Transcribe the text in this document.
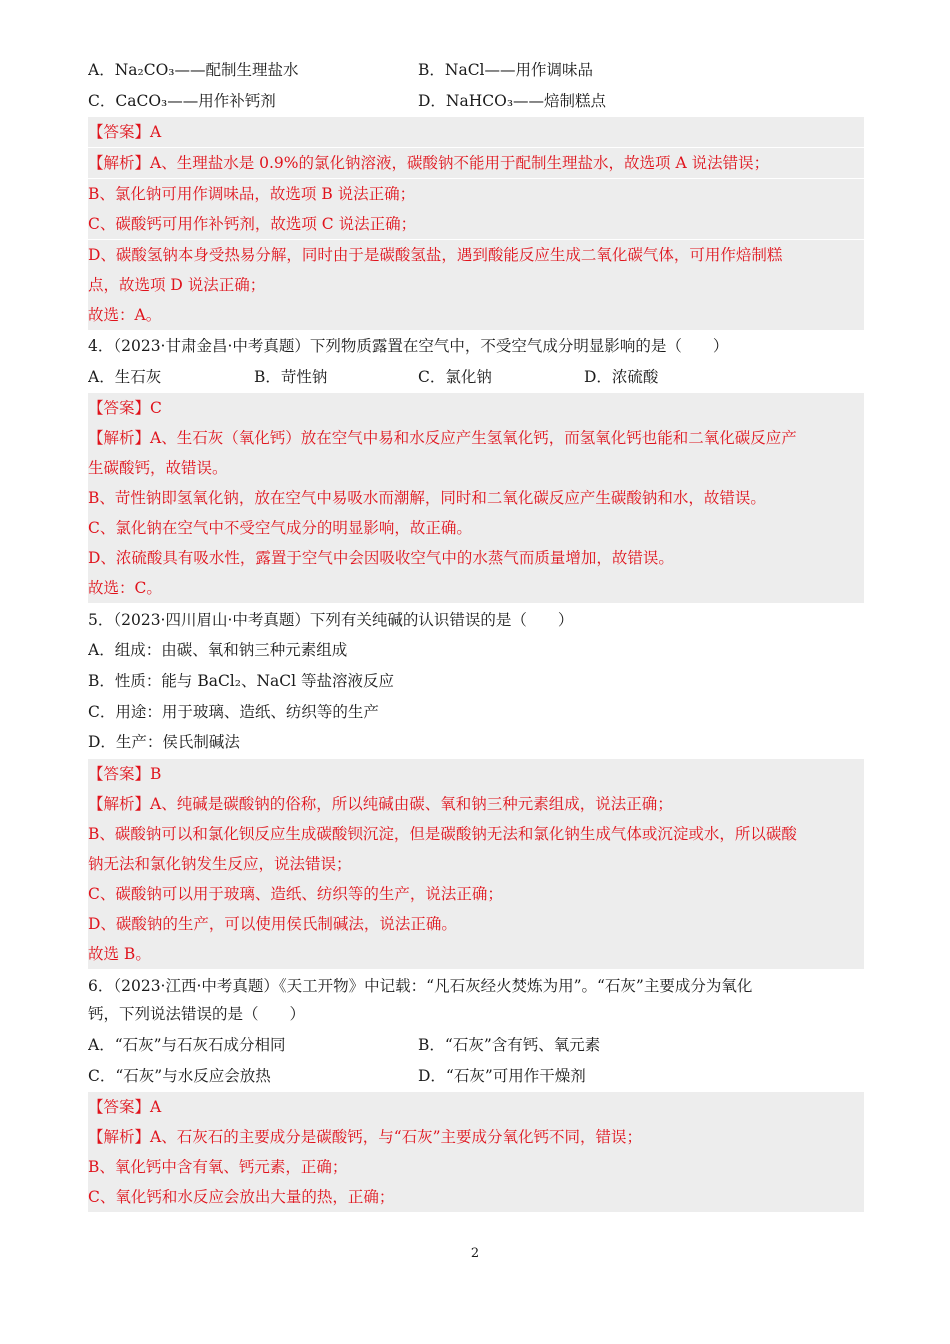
A．Na₂CO₃——配制生理盐水	B．NaCl——用作调味品
C．CaCO₃——用作补钙剂	D．NaHCO₃——焙制糕点
【答案】A
【解析】A、生理盐水是 0.9%的氯化钠溶液，碳酸钠不能用于配制生理盐水，故选项 A 说法错误；
B、氯化钠可用作调味品，故选项 B 说法正确；
C、碳酸钙可用作补钙剂，故选项 C 说法正确；
D、碳酸氢钠本身受热易分解，同时由于是碳酸氢盐，遇到酸能反应生成二氧化碳气体，可用作焙制糕
点，故选项 D 说法正确；
故选：A。
4．（2023·甘肃金昌·中考真题）下列物质露置在空气中，不受空气成分明显影响的是（　　）
A．生石灰	B．苛性钠	C．氯化钠	D．浓硫酸
【答案】C
【解析】A、生石灰（氧化钙）放在空气中易和水反应产生氢氧化钙，而氢氧化钙也能和二氧化碳反应产
生碳酸钙，故错误。
B、苛性钠即氢氧化钠，放在空气中易吸水而潮解，同时和二氧化碳反应产生碳酸钠和水，故错误。
C、氯化钠在空气中不受空气成分的明显影响，故正确。
D、浓硫酸具有吸水性，露置于空气中会因吸收空气中的水蒸气而质量增加，故错误。
故选：C。
5．（2023·四川眉山·中考真题）下列有关纯碱的认识错误的是（　　）
A．组成：由碳、氧和钠三种元素组成
B．性质：能与 BaCl₂、NaCl 等盐溶液反应
C．用途：用于玻璃、造纸、纺织等的生产
D．生产：侯氏制碱法
【答案】B
【解析】A、纯碱是碳酸钠的俗称，所以纯碱由碳、氧和钠三种元素组成，说法正确；
B、碳酸钠可以和氯化钡反应生成碳酸钡沉淀，但是碳酸钠无法和氯化钠生成气体或沉淀或水，所以碳酸
钠无法和氯化钠发生反应，说法错误；
C、碳酸钠可以用于玻璃、造纸、纺织等的生产，说法正确；
D、碳酸钠的生产，可以使用侯氏制碱法，说法正确。
故选 B。
6．（2023·江西·中考真题）《天工开物》中记载：“凡石灰经火焚炼为用”。“石灰”主要成分为氧化
钙，下列说法错误的是（　　）
A．“石灰”与石灰石成分相同	B．“石灰”含有钙、氧元素
C．“石灰”与水反应会放热	D．“石灰”可用作干燥剂
【答案】A
【解析】A、石灰石的主要成分是碳酸钙，与“石灰”主要成分氧化钙不同，错误；
B、氧化钙中含有氧、钙元素，正确；
C、氧化钙和水反应会放出大量的热，正确；
2
